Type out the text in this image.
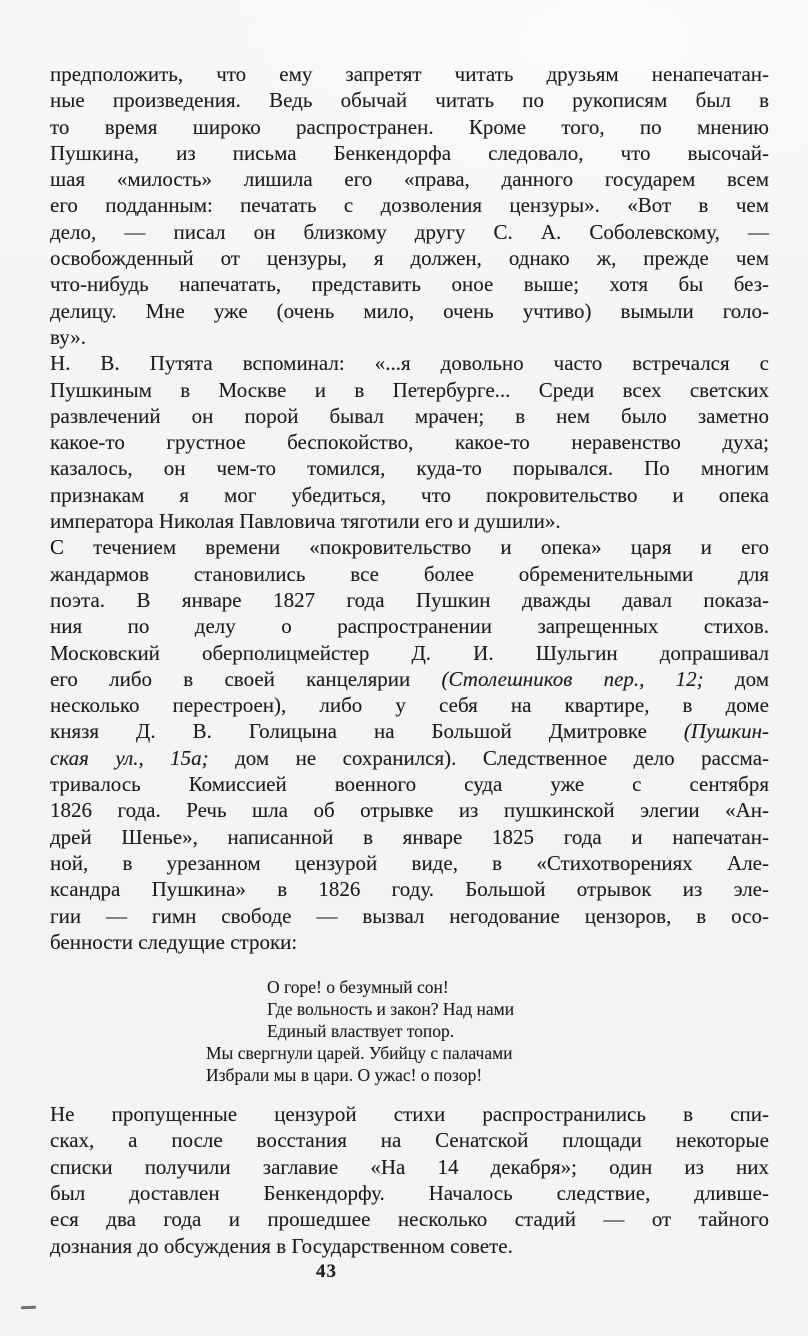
предположить, что ему запретят читать друзьям ненапечатан-
ные произведения. Ведь обычай читать по рукописям был в
то время широко распространен. Кроме того, по мнению
Пушкина, из письма Бенкендорфа следовало, что высочай-
шая «милость» лишила его «права, данного государем всем
его подданным: печатать с дозволения цензуры». «Вот в чем
дело, — писал он близкому другу С. А. Соболевскому, —
освобожденный от цензуры, я должен, однако ж, прежде чем
что-нибудь напечатать, представить оное выше; хотя бы без-
делицу. Мне уже (очень мило, очень учтиво) вымыли голо-
ву».
Н. В. Путята вспоминал: «...я довольно часто встречался с
Пушкиным в Москве и в Петербурге... Среди всех светских
развлечений он порой бывал мрачен; в нем было заметно
какое-то грустное беспокойство, какое-то неравенство духа;
казалось, он чем-то томился, куда-то порывался. По многим
признакам я мог убедиться, что покровительство и опека
императора Николая Павловича тяготили его и душили».
С течением времени «покровительство и опека» царя и его
жандармов становились все более обременительными для
поэта. В январе 1827 года Пушкин дважды давал показа-
ния по делу о распространении запрещенных стихов.
Московский оберполицмейстер Д. И. Шульгин допрашивал
его либо в своей канцелярии (Столешников пер., 12; дом
несколько перестроен), либо у себя на квартире, в доме
князя Д. В. Голицына на Большой Дмитровке (Пушкин-
ская ул., 15а; дом не сохранился). Следственное дело рассма-
тривалось Комиссией военного суда уже с сентября
1826 года. Речь шла об отрывке из пушкинской элегии «Ан-
дрей Шенье», написанной в январе 1825 года и напечатан-
ной, в урезанном цензурой виде, в «Стихотворениях Але-
ксандра Пушкина» в 1826 году. Большой отрывок из эле-
гии — гимн свободе — вызвал негодование цензоров, в осо-
бенности следущие строки:
О горе! о безумный сон!
Где вольность и закон? Над нами
Единый властвует топор.
Мы свергнули царей. Убийцу с палачами
Избрали мы в цари. О ужас! о позор!
Не пропущенные цензурой стихи распространились в спи-
сках, а после восстания на Сенатской площади некоторые
списки получили заглавие «На 14 декабря»; один из них
был доставлен Бенкендорфу. Началось следствие, дливше-
еся два года и прошедшее несколько стадий — от тайного
дознания до обсуждения в Государственном совете.
43
